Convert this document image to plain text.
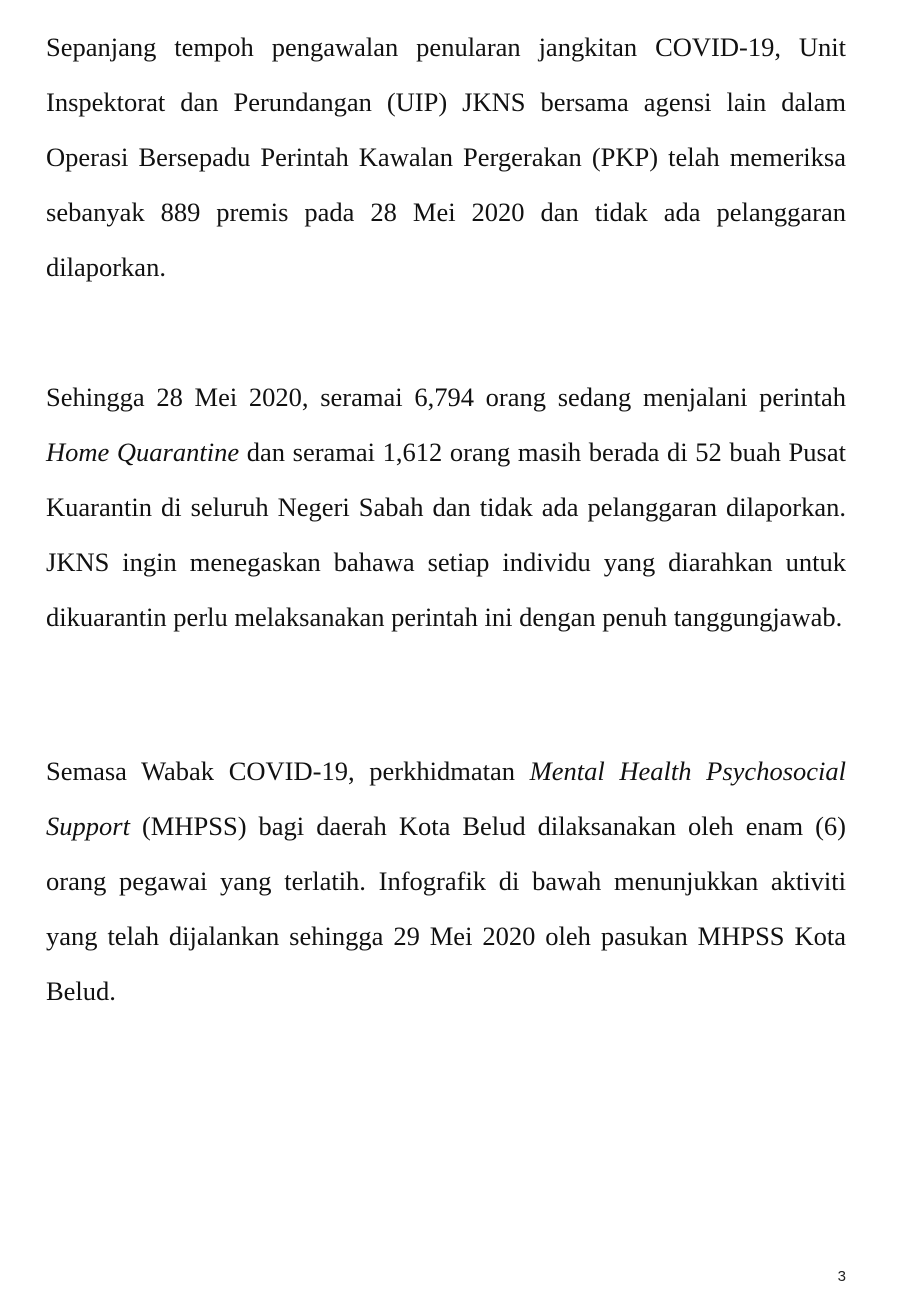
Sepanjang tempoh pengawalan penularan jangkitan COVID-19, Unit Inspektorat dan Perundangan (UIP) JKNS bersama agensi lain dalam Operasi Bersepadu Perintah Kawalan Pergerakan (PKP) telah memeriksa sebanyak 889 premis pada 28 Mei 2020 dan tidak ada pelanggaran dilaporkan.

Sehingga 28 Mei 2020, seramai 6,794 orang sedang menjalani perintah Home Quarantine dan seramai 1,612 orang masih berada di 52 buah Pusat Kuarantin di seluruh Negeri Sabah dan tidak ada pelanggaran dilaporkan. JKNS ingin menegaskan bahawa setiap individu yang diarahkan untuk dikuarantin perlu melaksanakan perintah ini dengan penuh tanggungjawab.

Semasa Wabak COVID-19, perkhidmatan Mental Health Psychosocial Support (MHPSS) bagi daerah Kota Belud dilaksanakan oleh enam (6) orang pegawai yang terlatih. Infografik di bawah menunjukkan aktiviti yang telah dijalankan sehingga 29 Mei 2020 oleh pasukan MHPSS Kota Belud.

3
